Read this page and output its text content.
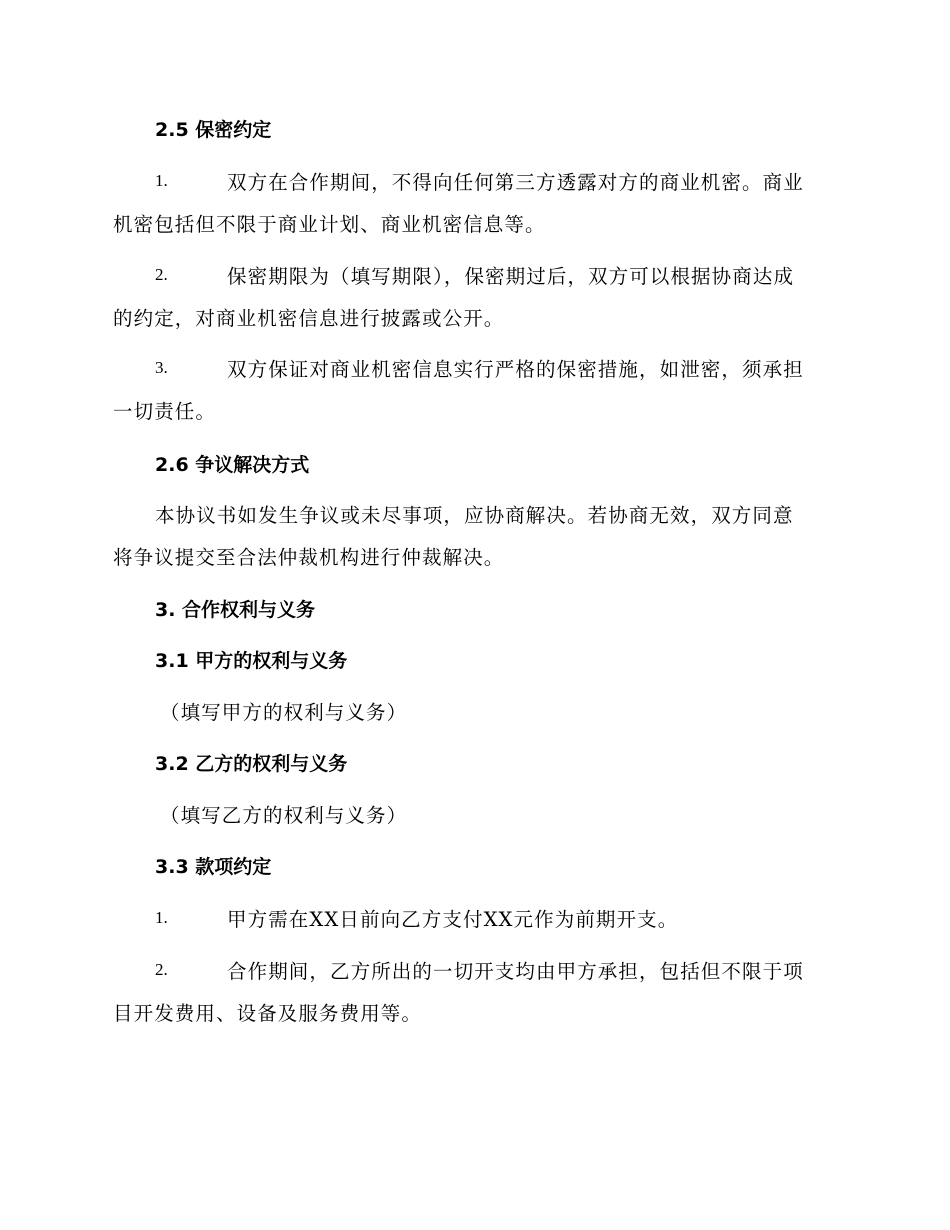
2.5 保密约定
1.	双方在合作期间，不得向任何第三方透露对方的商业机密。商业
机密包括但不限于商业计划、商业机密信息等。
2.	保密期限为（填写期限），保密期过后，双方可以根据协商达成
的约定，对商业机密信息进行披露或公开。
3.	双方保证对商业机密信息实行严格的保密措施，如泄密，须承担
一切责任。
2.6 争议解决方式
本协议书如发生争议或未尽事项，应协商解决。若协商无效，双方同意
将争议提交至合法仲裁机构进行仲裁解决。
3. 合作权利与义务
3.1 甲方的权利与义务
（填写甲方的权利与义务）
3.2 乙方的权利与义务
（填写乙方的权利与义务）
3.3 款项约定
1.	甲方需在XX日前向乙方支付XX元作为前期开支。
2.	合作期间，乙方所出的一切开支均由甲方承担，包括但不限于项
目开发费用、设备及服务费用等。
